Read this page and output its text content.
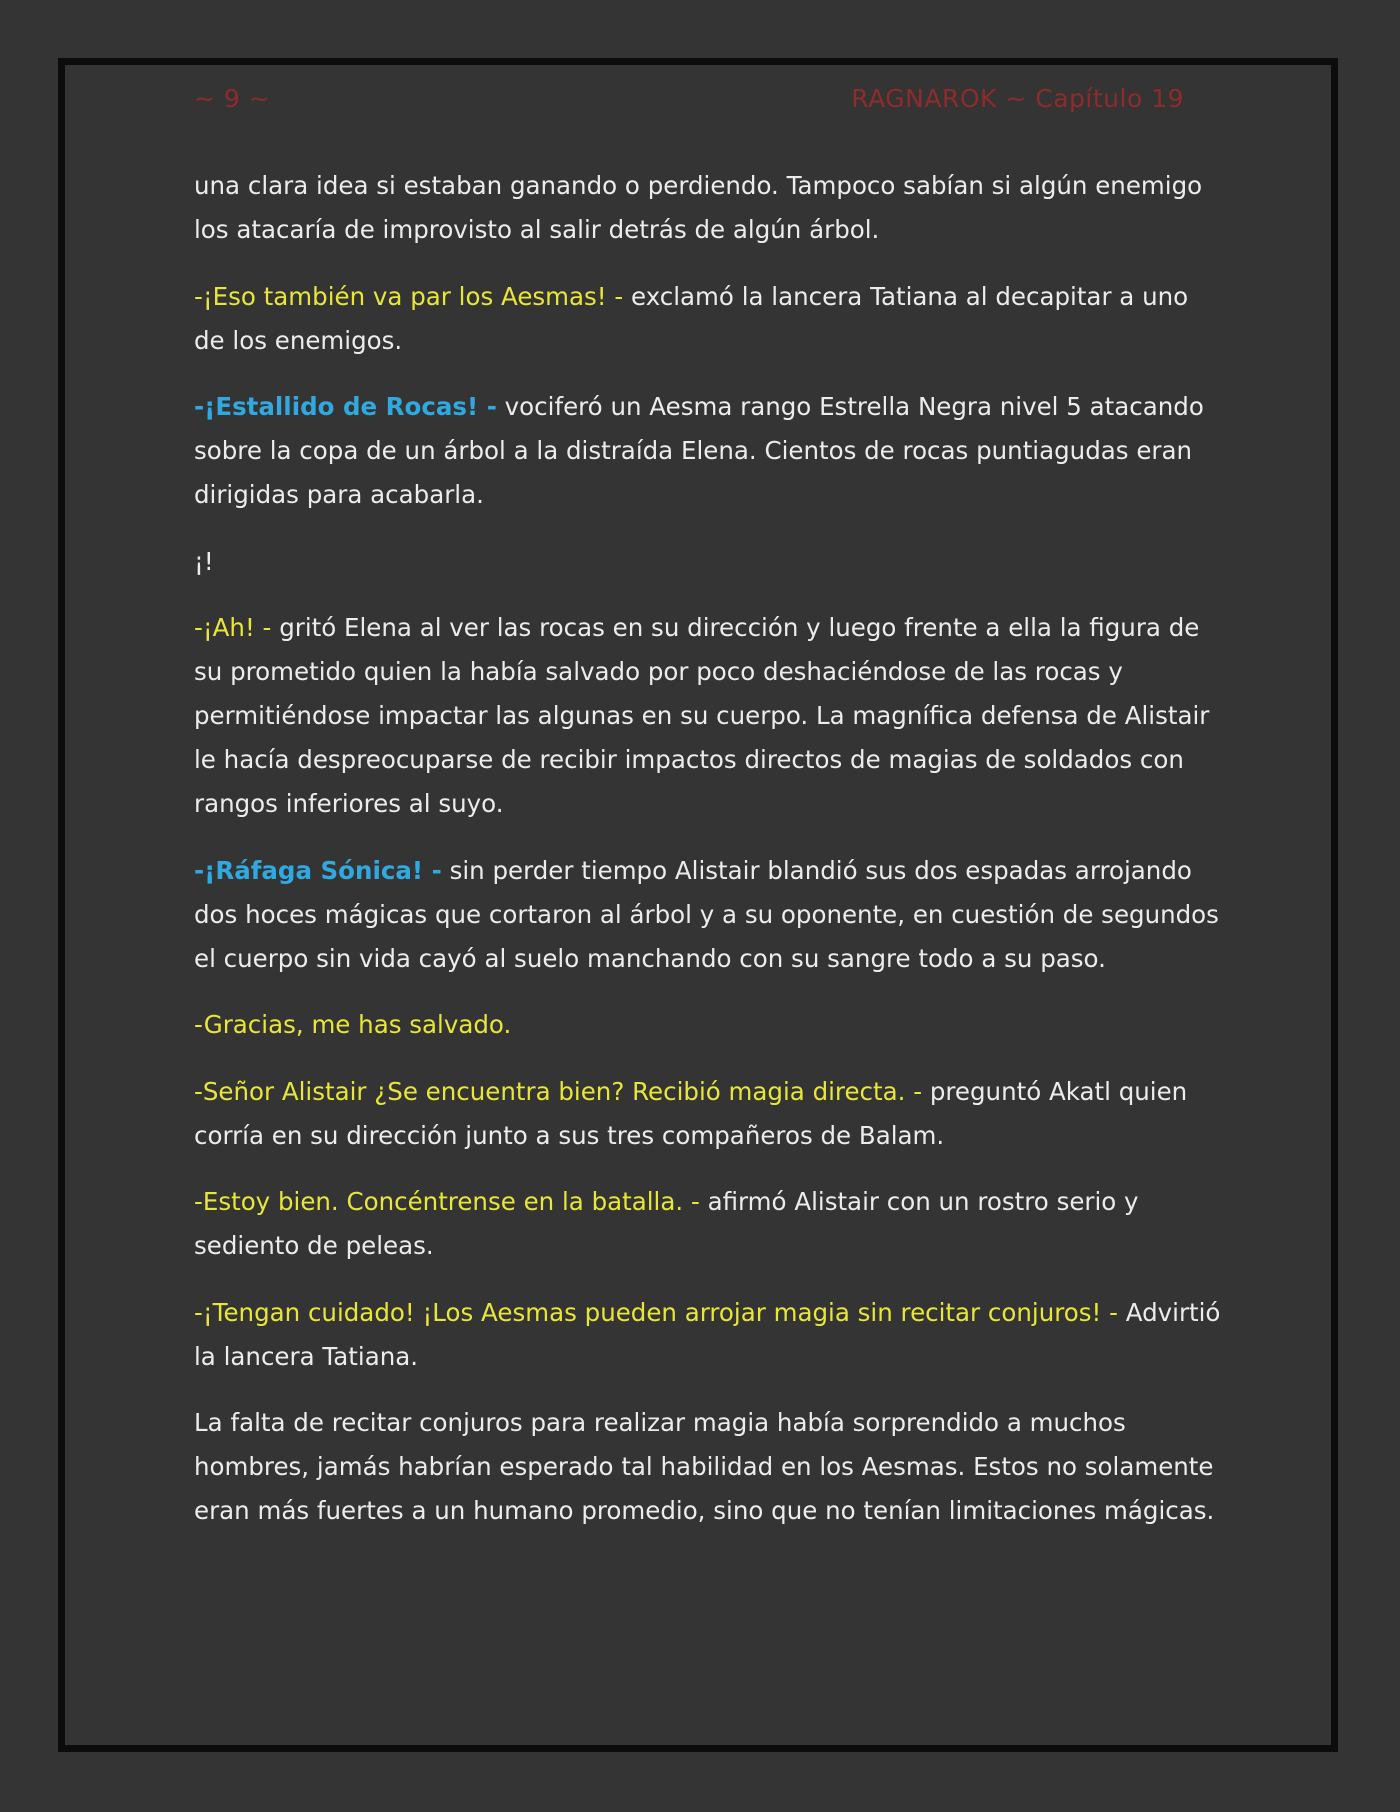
~ 9 ~	RAGNAROK ~ Capítulo 19

una clara idea si estaban ganando o perdiendo. Tampoco sabían si algún enemigo los atacaría de improvisto al salir detrás de algún árbol.

-¡Eso también va par los Aesmas! - exclamó la lancera Tatiana al decapitar a uno de los enemigos.

-¡Estallido de Rocas! - vociferó un Aesma rango Estrella Negra nivel 5 atacando sobre la copa de un árbol a la distraída Elena. Cientos de rocas puntiagudas eran dirigidas para acabarla.

¡!

-¡Ah! - gritó Elena al ver las rocas en su dirección y luego frente a ella la figura de su prometido quien la había salvado por poco deshaciéndose de las rocas y permitiéndose impactar las algunas en su cuerpo. La magnífica defensa de Alistair le hacía despreocuparse de recibir impactos directos de magias de soldados con rangos inferiores al suyo.

-¡Ráfaga Sónica! - sin perder tiempo Alistair blandió sus dos espadas arrojando dos hoces mágicas que cortaron al árbol y a su oponente, en cuestión de segundos el cuerpo sin vida cayó al suelo manchando con su sangre todo a su paso.

-Gracias, me has salvado.

-Señor Alistair ¿Se encuentra bien? Recibió magia directa. - preguntó Akatl quien corría en su dirección junto a sus tres compañeros de Balam.

-Estoy bien. Concéntrense en la batalla. - afirmó Alistair con un rostro serio y sediento de peleas.

-¡Tengan cuidado! ¡Los Aesmas pueden arrojar magia sin recitar conjuros! - Advirtió la lancera Tatiana.

La falta de recitar conjuros para realizar magia había sorprendido a muchos hombres, jamás habrían esperado tal habilidad en los Aesmas. Estos no solamente eran más fuertes a un humano promedio, sino que no tenían limitaciones mágicas.
